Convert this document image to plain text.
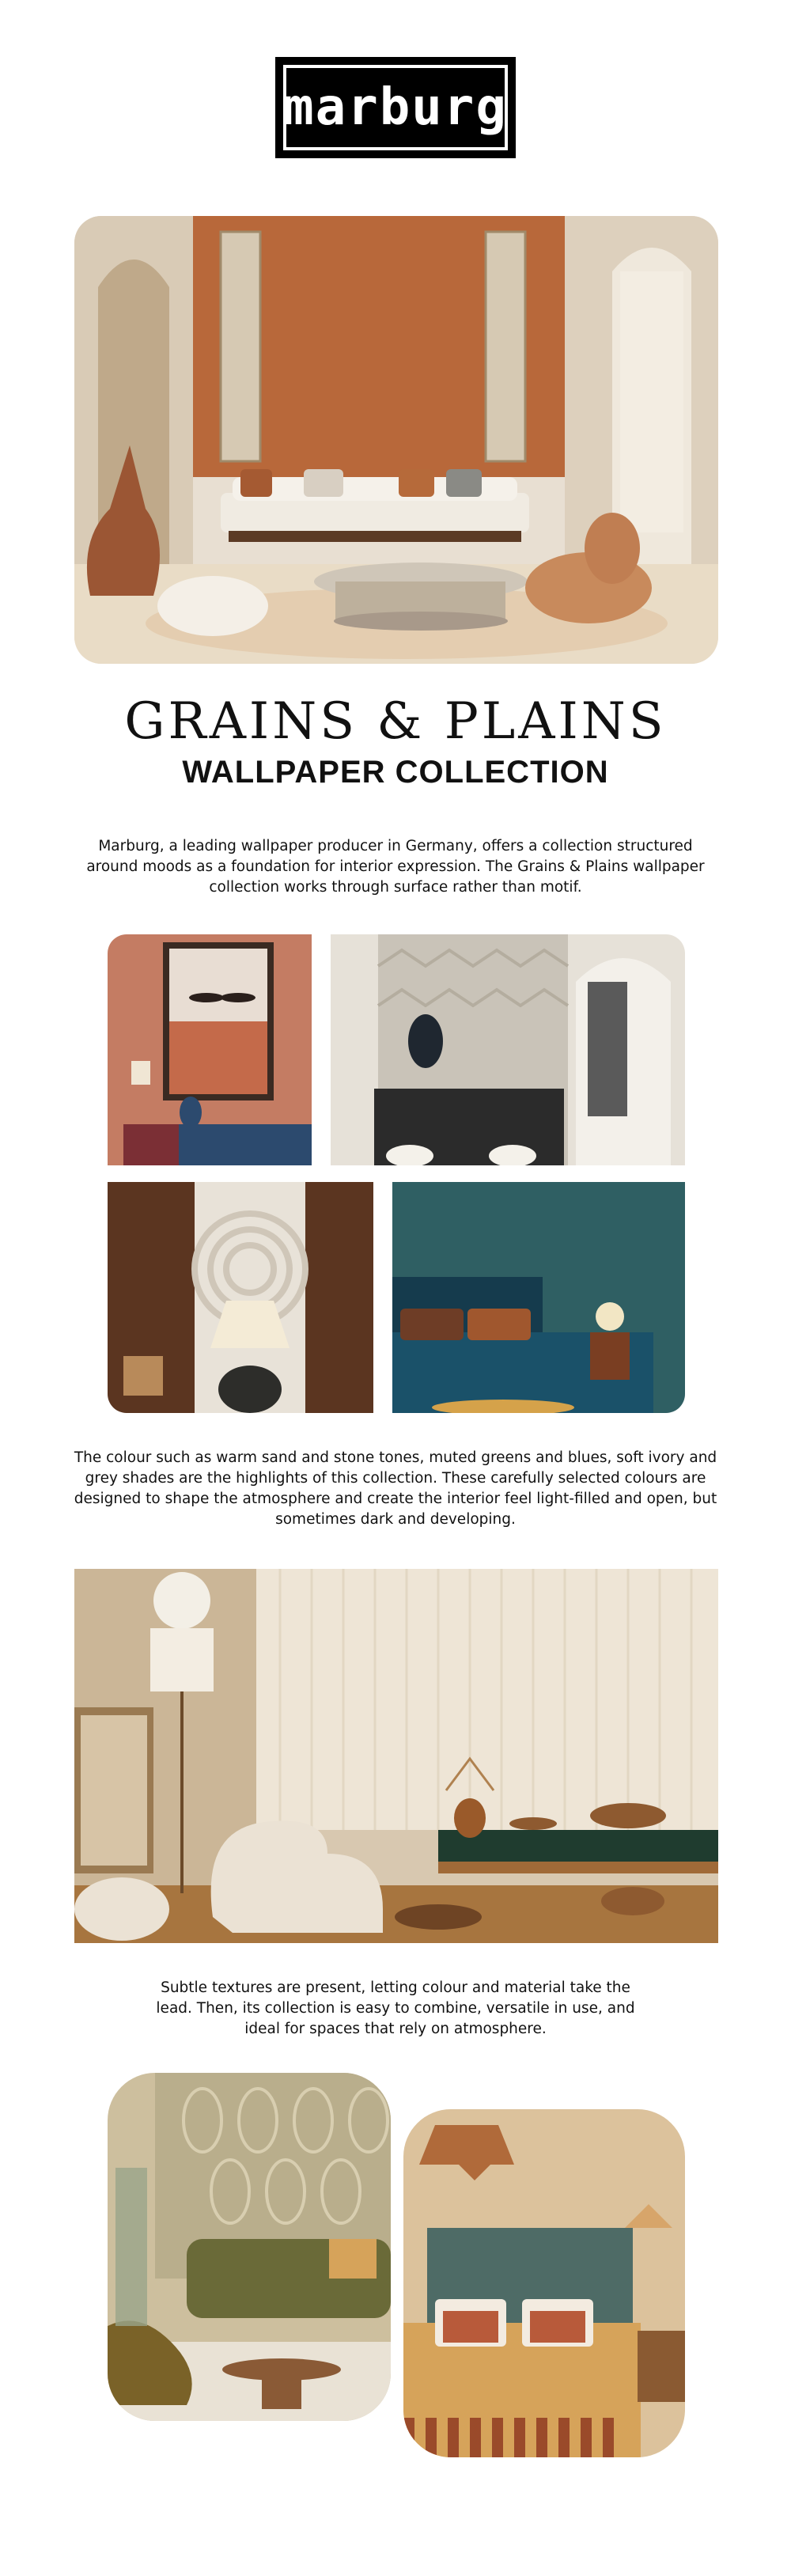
marburg
GRAINS & PLAINS
WALLPAPER COLLECTION
Marburg, a leading wallpaper producer in Germany, offers a collection structured
around moods as a foundation for interior expression. The Grains & Plains wallpaper
collection works through surface rather than motif.
The colour such as warm sand and stone tones, muted greens and blues, soft ivory and
grey shades are the highlights of this collection. These carefully selected colours are
designed to shape the atmosphere and create the interior feel light-filled and open, but
sometimes dark and developing.
Subtle textures are present, letting colour and material take the
lead. Then, its collection is easy to combine, versatile in use, and
ideal for spaces that rely on atmosphere.
